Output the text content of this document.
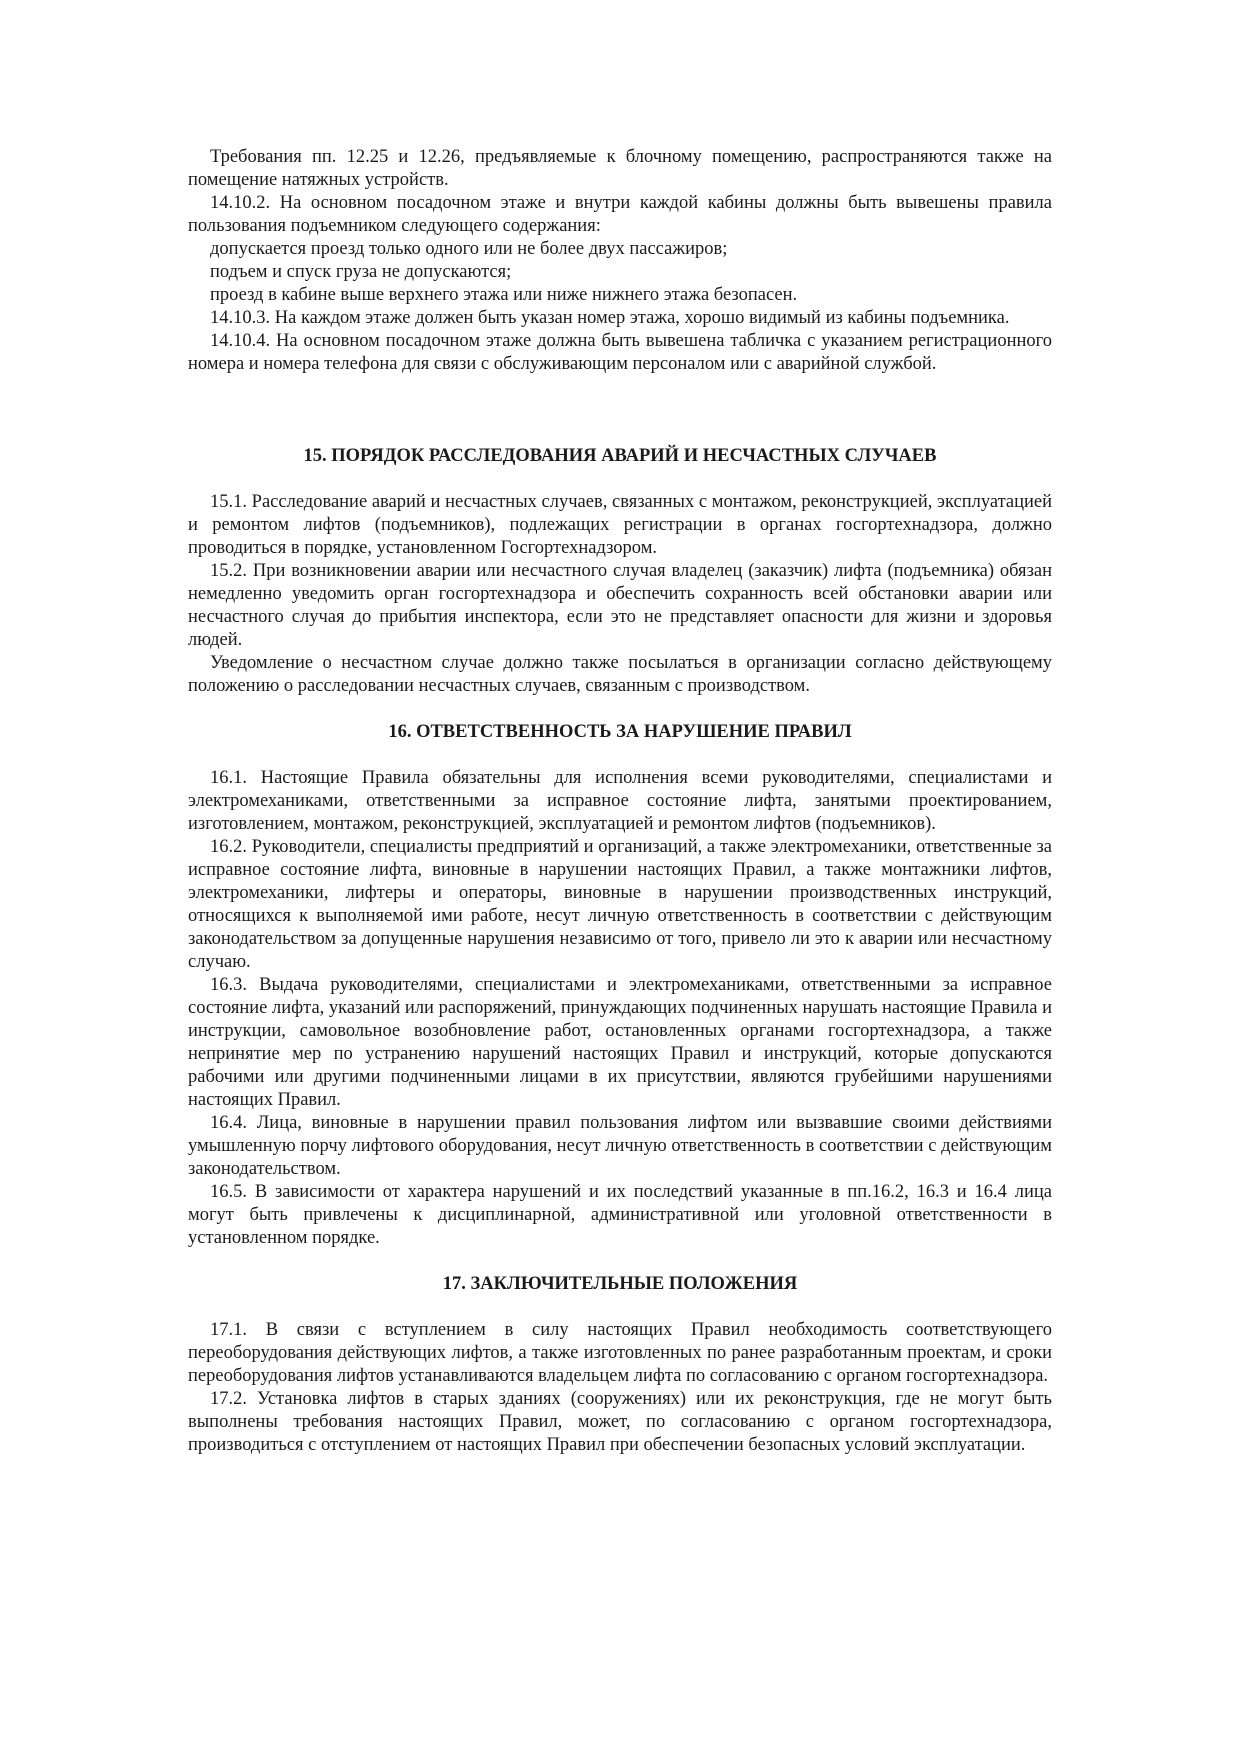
Требования пп. 12.25 и 12.26, предъявляемые к блочному помещению, распространяются также на помещение натяжных устройств.

14.10.2. На основном посадочном этаже и внутри каждой кабины должны быть вывешены правила пользования подъемником следующего содержания:

допускается проезд только одного или не более двух пассажиров;

подъем и спуск груза не допускаются;

проезд в кабине выше верхнего этажа или ниже нижнего этажа безопасен.

14.10.3. На каждом этаже должен быть указан номер этажа, хорошо видимый из кабины подъемника.

14.10.4. На основном посадочном этаже должна быть вывешена табличка с указанием регистрационного номера и номера телефона для связи с обслуживающим персоналом или с аварийной службой.

15. ПОРЯДОК РАССЛЕДОВАНИЯ АВАРИЙ И НЕСЧАСТНЫХ СЛУЧАЕВ

15.1. Расследование аварий и несчастных случаев, связанных с монтажом, реконструкцией, эксплуатацией и ремонтом лифтов (подъемников), подлежащих регистрации в органах госгортехнадзора, должно проводиться в порядке, установленном Госгортехнадзором.

15.2. При возникновении аварии или несчастного случая владелец (заказчик) лифта (подъемника) обязан немедленно уведомить орган госгортехнадзора и обеспечить сохранность всей обстановки аварии или несчастного случая до прибытия инспектора, если это не представляет опасности для жизни и здоровья людей.

Уведомление о несчастном случае должно также посылаться в организации согласно действующему положению о расследовании несчастных случаев, связанным с производством.

16. ОТВЕТСТВЕННОСТЬ ЗА НАРУШЕНИЕ ПРАВИЛ

16.1. Настоящие Правила обязательны для исполнения всеми руководителями, специалистами и электромеханиками, ответственными за исправное состояние лифта, занятыми проектированием, изготовлением, монтажом, реконструкцией, эксплуатацией и ремонтом лифтов (подъемников).

16.2. Руководители, специалисты предприятий и организаций, а также электромеханики, ответственные за исправное состояние лифта, виновные в нарушении настоящих Правил, а также монтажники лифтов, электромеханики, лифтеры и операторы, виновные в нарушении производственных инструкций, относящихся к выполняемой ими работе, несут личную ответственность в соответствии с действующим законодательством за допущенные нарушения независимо от того, привело ли это к аварии или несчастному случаю.

16.3. Выдача руководителями, специалистами и электромеханиками, ответственными за исправное состояние лифта, указаний или распоряжений, принуждающих подчиненных нарушать настоящие Правила и инструкции, самовольное возобновление работ, остановленных органами госгортехнадзора, а также непринятие мер по устранению нарушений настоящих Правил и инструкций, которые допускаются рабочими или другими подчиненными лицами в их присутствии, являются грубейшими нарушениями настоящих Правил.

16.4. Лица, виновные в нарушении правил пользования лифтом или вызвавшие своими действиями умышленную порчу лифтового оборудования, несут личную ответственность в соответствии с действующим законодательством.

16.5. В зависимости от характера нарушений и их последствий указанные в пп.16.2, 16.3 и 16.4 лица могут быть привлечены к дисциплинарной, административной или уголовной ответственности в установленном порядке.

17. ЗАКЛЮЧИТЕЛЬНЫЕ ПОЛОЖЕНИЯ

17.1. В связи с вступлением в силу настоящих Правил необходимость соответствующего переоборудования действующих лифтов, а также изготовленных по ранее разработанным проектам, и сроки переоборудования лифтов устанавливаются владельцем лифта по согласованию с органом госгортехнадзора.

17.2. Установка лифтов в старых зданиях (сооружениях) или их реконструкция, где не могут быть выполнены требования настоящих Правил, может, по согласованию с органом госгортехнадзора, производиться с отступлением от настоящих Правил при обеспечении безопасных условий эксплуатации.
